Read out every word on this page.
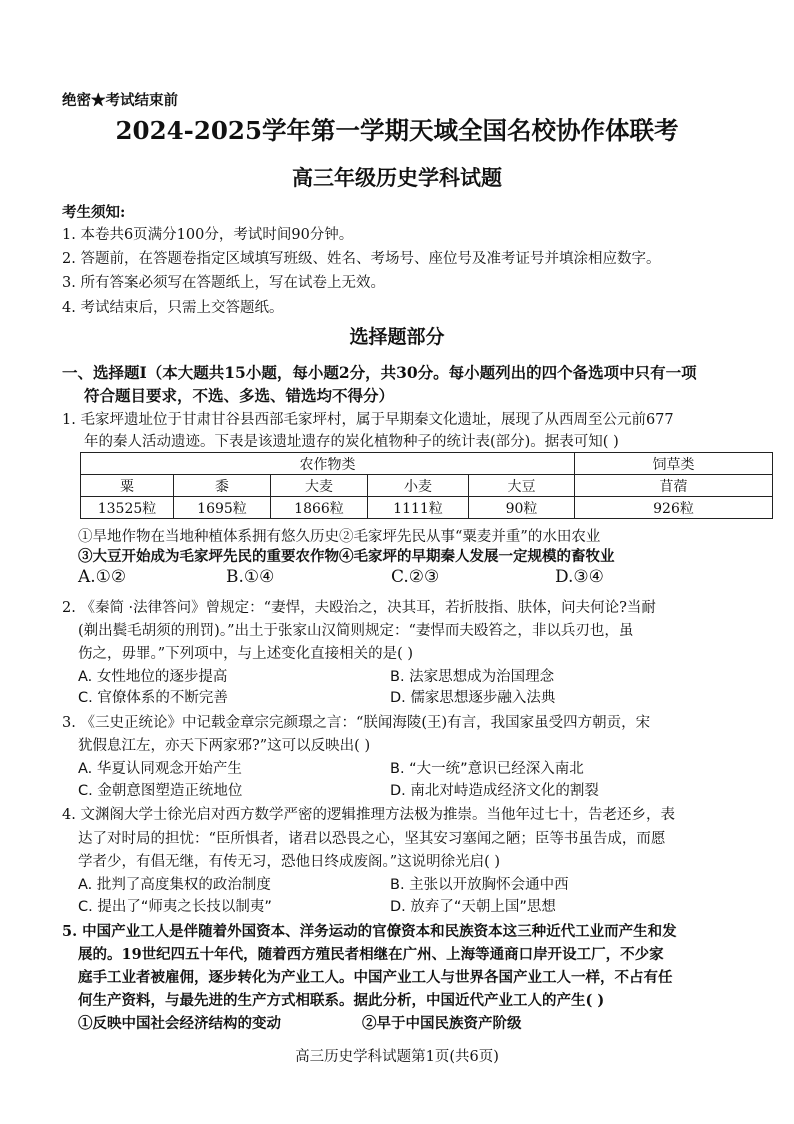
绝密★考试结束前
2024-2025学年第一学期天域全国名校协作体联考
高三年级历史学科试题
考生须知:
1. 本卷共6页满分100分，考试时间90分钟。
2. 答题前，在答题卷指定区域填写班级、姓名、考场号、座位号及准考证号并填涂相应数字。
3. 所有答案必须写在答题纸上，写在试卷上无效。
4. 考试结束后，只需上交答题纸。
选择题部分
一、选择题Ⅰ（本大题共15小题，每小题2分，共30分。每小题列出的四个备选项中只有一项
符合题目要求，不选、多选、错选均不得分）
1. 毛家坪遗址位于甘肃甘谷县西部毛家坪村，属于早期秦文化遗址，展现了从西周至公元前677
年的秦人活动遗迹。下表是该遗址遗存的炭化植物种子的统计表(部分)。据表可知( )
农作物类					饲草类
粟	黍	大麦	小麦	大豆	苜蓿
13525粒	1695粒	1866粒	1111粒	90粒	926粒
①旱地作物在当地种植体系拥有悠久历史②毛家坪先民从事“粟麦并重”的水田农业
③大豆开始成为毛家坪先民的重要农作物④毛家坪的早期秦人发展一定规模的畜牧业
A.①②	B.①④	C.②③	D.③④
2. 《秦简 ·法律答问》曾规定：“妻悍，夫殴治之，决其耳，若折肢指、肤体，问夫何论?当耐
(剃出鬓毛胡须的刑罚)。”出土于张家山汉简则规定：“妻悍而夫殴笞之，非以兵刃也，虽
伤之，毋罪。”下列项中，与上述变化直接相关的是( )
A. 女性地位的逐步提高	B. 法家思想成为治国理念
C. 官僚体系的不断完善	D. 儒家思想逐步融入法典
3. 《三史正统论》中记载金章宗完颜璟之言：“朕闻海陵(王)有言，我国家虽受四方朝贡，宋
犹假息江左，亦天下两家邪?”这可以反映出( )
A. 华夏认同观念开始产生	B. “大一统”意识已经深入南北
C. 金朝意图塑造正统地位	D. 南北对峙造成经济文化的割裂
4. 文渊阁大学士徐光启对西方数学严密的逻辑推理方法极为推崇。当他年过七十，告老还乡，表
达了对时局的担忧：“臣所惧者，诸君以恐畏之心，坚其安习塞闻之陋；臣等书虽告成，而愿
学者少，有倡无继，有传无习，恐他日终成废阁。”这说明徐光启( )
A. 批判了高度集权的政治制度	B. 主张以开放胸怀会通中西
C. 提出了“师夷之长技以制夷”	D. 放弃了“天朝上国”思想
5. 中国产业工人是伴随着外国资本、洋务运动的官僚资本和民族资本这三种近代工业而产生和发
展的。19世纪四五十年代，随着西方殖民者相继在广州、上海等通商口岸开设工厂，不少家
庭手工业者被雇佣，逐步转化为产业工人。中国产业工人与世界各国产业工人一样，不占有任
何生产资料，与最先进的生产方式相联系。据此分析，中国近代产业工人的产生( )
①反映中国社会经济结构的变动	②早于中国民族资产阶级
高三历史学科试题第1页(共6页)
